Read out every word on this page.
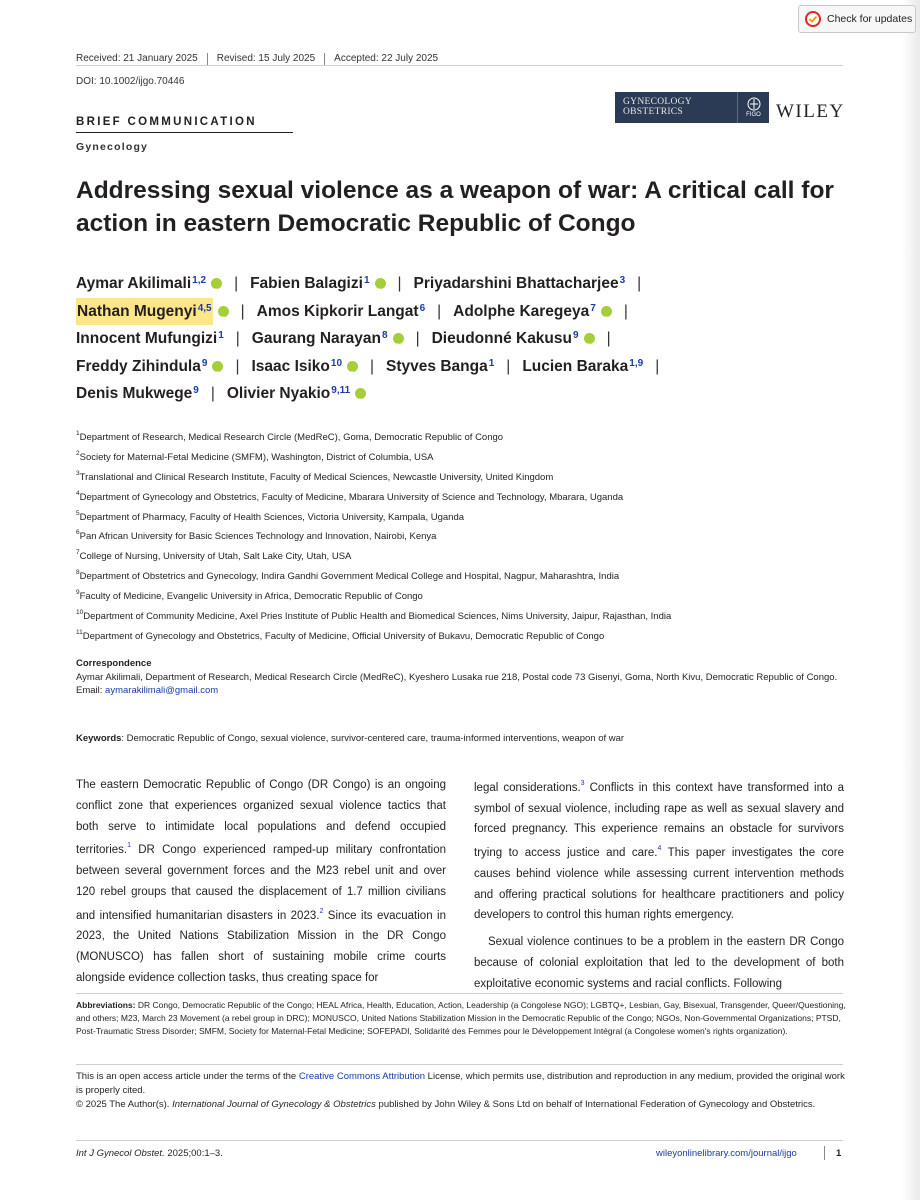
Check for updates
Received: 21 January 2025 Revised: 15 July 2025 Accepted: 22 July 2025
DOI: 10.1002/ijgo.70446
BRIEF COMMUNICATION
Gynecology
GYNECOLOGY
OBSTETRICS	FIGO WILEY
Addressing sexual violence as a weapon of war: A critical call for action in eastern Democratic Republic of Congo
Aymar Akilimali$^{1,2}$ iD | Fabien Balagizi$^1$ iD | Priyadarshini Bhattacharjee$^3$ |
Nathan Mugenyi$^{4,5}$ iD | Amos Kipkorir Langat$^6$ | Adolphe Karegeya$^7$ iD |
Innocent Mufungizi$^1$ | Gaurang Narayan$^8$ iD | Dieudonné Kakusu$^9$ iD |
Freddy Zihindula$^9$ iD | Isaac Isiko$^{10}$ iD | Styves Banga$^1$ | Lucien Baraka$^{1,9}$ |
Denis Mukwege$^9$ | Olivier Nyakio$^{9,11}$
iD
$^1$Department of Research, Medical Research Circle (MedReC), Goma, Democratic Republic of Congo
$^2$Society for Maternal-Fetal Medicine (SMFM), Washington, District of Columbia, USA
$^3$Translational and Clinical Research Institute, Faculty of Medical Sciences, Newcastle University, United Kingdom
$^4$Department of Gynecology and Obstetrics, Faculty of Medicine, Mbarara University of Science and Technology, Mbarara, Uganda
$^5$Department of Pharmacy, Faculty of Health Sciences, Victoria University, Kampala, Uganda
$^6$Pan African University for Basic Sciences Technology and Innovation, Nairobi, Kenya
$^7$College of Nursing, University of Utah, Salt Lake City, Utah, USA
$^8$Department of Obstetrics and Gynecology, Indira Gandhi Government Medical College and Hospital, Nagpur, Maharashtra, India
$^9$Faculty of Medicine, Evangelic University in Africa, Democratic Republic of Congo
$^{10}$Department of Community Medicine, Axel Pries Institute of Public Health and Biomedical Sciences, Nims University, Jaipur, Rajasthan, India
$^{11}$Department of Gynecology and Obstetrics, Faculty of Medicine, Official University of Bukavu, Democratic Republic of Congo
Correspondence
Aymar Akilimali, Department of Research, Medical Research Circle (MedReC), Kyeshero Lusaka rue 218, Postal code 73 Gisenyi, Goma, North Kivu, Democratic Republic of Congo.
Email: aymarakilimali@gmail.com
Keywords: Democratic Republic of Congo, sexual violence, survivor-centered care, trauma-informed interventions, weapon of war

The eastern Democratic Republic of Congo (DR Congo) is an ongoing conflict zone that experiences organized sexual violence tactics that both serve to intimidate local populations and defend occupied territories.$^1$ DR Congo experienced ramped-up military confrontation between several government forces and the M23 rebel unit and over 120 rebel groups that caused the displacement of 1.7 million civilians and intensified humanitarian disasters in 2023.$^2$ Since its evacuation in 2023, the United Nations Stabilization Mission in the DR Congo (MONUSCO) has fallen short of sustaining mobile crime courts alongside evidence collection tasks, thus creating space for

legal considerations.$^3$ Conflicts in this context have transformed into a symbol of sexual violence, including rape as well as sexual slavery and forced pregnancy. This experience remains an obstacle for survivors trying to access justice and care.$^4$ This paper investigates the core causes behind violence while assessing current intervention methods and offering practical solutions for healthcare practitioners and policy developers to control this human rights emergency.

Sexual violence continues to be a problem in the eastern DR Congo because of colonial exploitation that led to the development of both exploitative economic systems and racial conflicts. Following

Abbreviations: DR Congo, Democratic Republic of the Congo; HEAL Africa, Health, Education, Action, Leadership (a Congolese NGO); LGBTQ+, Lesbian, Gay, Bisexual, Transgender, Queer/Questioning, and others; M23, March 23 Movement (a rebel group in DRC); MONUSCO, United Nations Stabilization Mission in the Democratic Republic of the Congo; NGOs, Non-Governmental Organizations; PTSD, Post-Traumatic Stress Disorder; SMFM, Society for Maternal-Fetal Medicine; SOFEPADI, Solidarité des Femmes pour le Développement Intégral (a Congolese women's rights organization).
This is an open access article under the terms of the Creative Commons Attribution License, which permits use, distribution and reproduction in any medium, provided the original work is properly cited.
© 2025 The Author(s). International Journal of Gynecology & Obstetrics published by John Wiley & Sons Ltd on behalf of International Federation of Gynecology and Obstetrics.
Int J Gynecol Obstet. 2025;00:1–3.	wileyonlinelibrary.com/journal/ijgo	1
